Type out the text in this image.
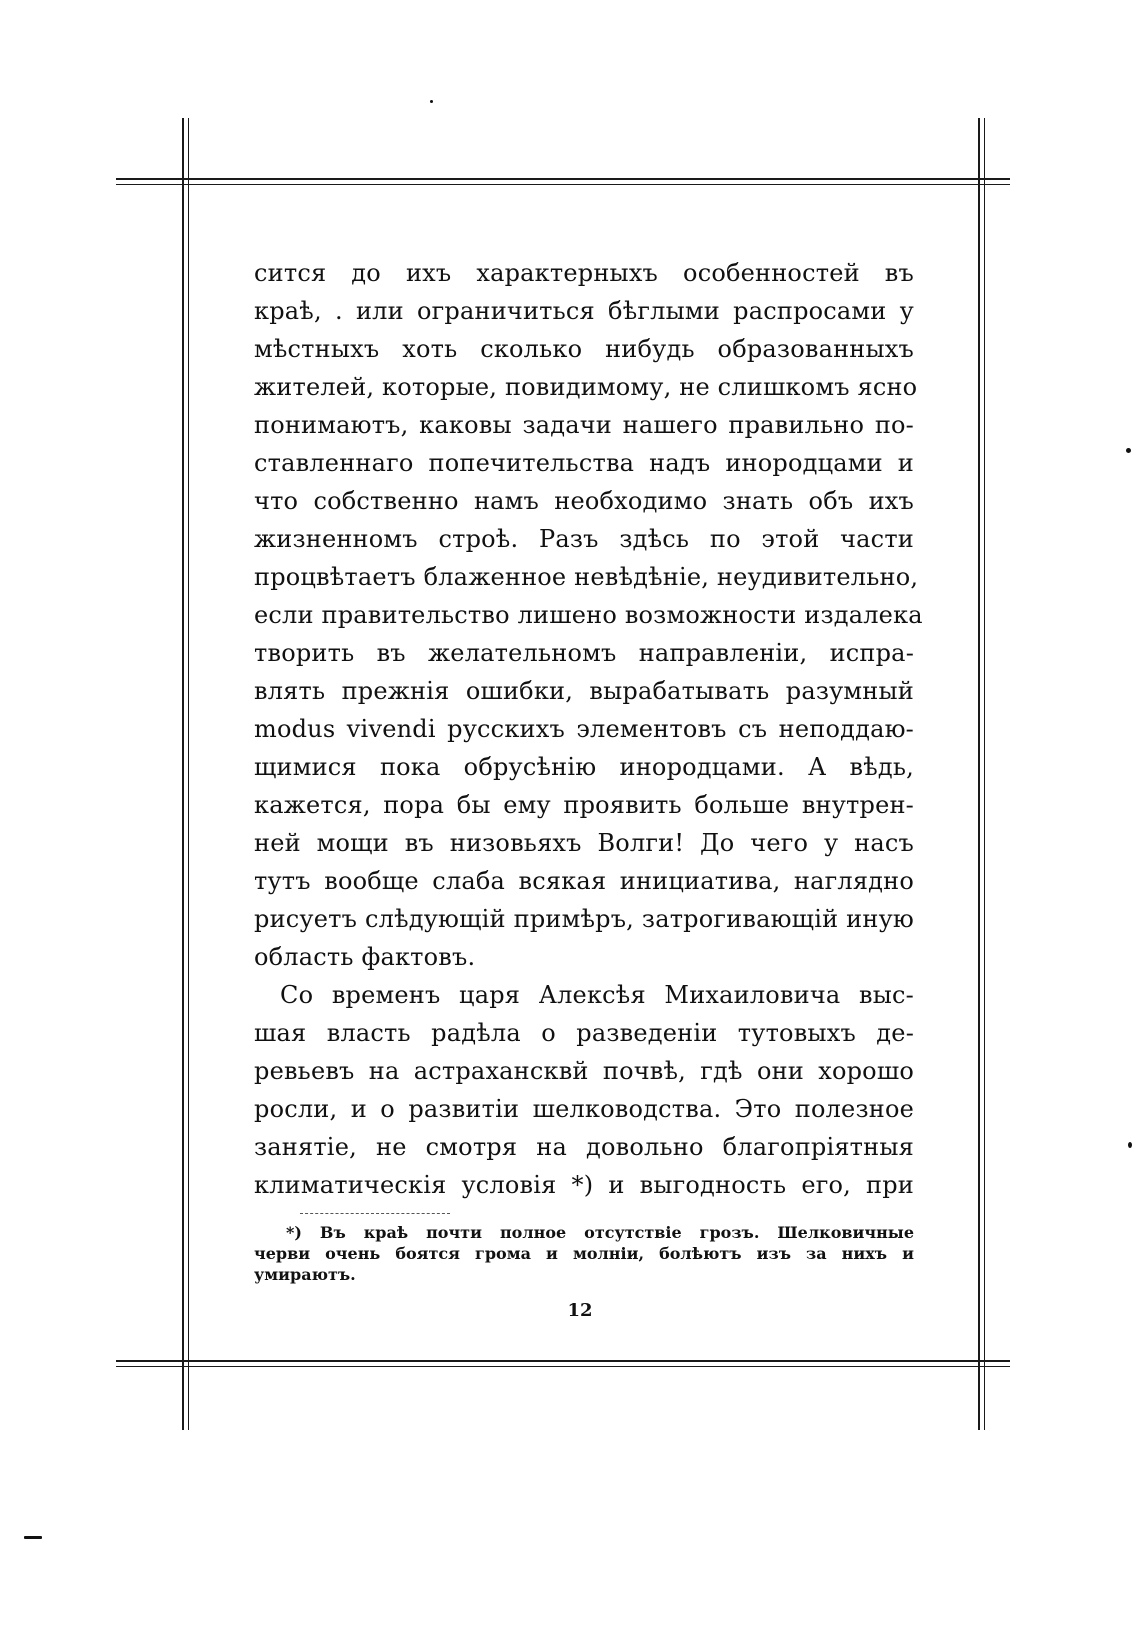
сится до ихъ характерныхъ особенностей въ
краѣ, . или ограничиться бѣглыми распросами у
мѣстныхъ хоть сколько нибудь образованныхъ
жителей, которые, повидимому, не слишкомъ ясно
понимаютъ, каковы задачи нашего правильно по-
ставленнаго попечительства надъ инородцами и
что собственно намъ необходимо знать объ ихъ
жизненномъ строѣ. Разъ здѣсь по этой части
процвѣтаетъ блаженное невѣдѣніе, неудивительно,
если правительство лишено возможности издалека
творить въ желательномъ направленіи, испра-
влять прежнія ошибки, вырабатывать разумный
modus vivendi русскихъ элементовъ съ неподдаю-
щимися пока обрусѣнію инородцами. А вѣдь,
кажется, пора бы ему проявить больше внутрен-
ней мощи въ низовьяхъ Волги! До чего у насъ
тутъ вообще слаба всякая инициатива, наглядно
рисуетъ слѣдующій примѣръ, затрогивающій иную
область фактовъ.
Со временъ царя Алексѣя Михаиловича выс-
шая власть радѣла о разведеніи тутовыхъ де-
ревьевъ на астрахансквй почвѣ, гдѣ они хорошо
росли, и о развитіи шелководства. Это полезное
занятіе, не смотря на довольно благопріятныя
климатическія условія *) и выгодность его, при
*) Въ краѣ почти полное отсутствіе грозъ. Шелковичные
черви очень боятся грома и молніи, болѣютъ изъ за нихъ и
умираютъ.
12
